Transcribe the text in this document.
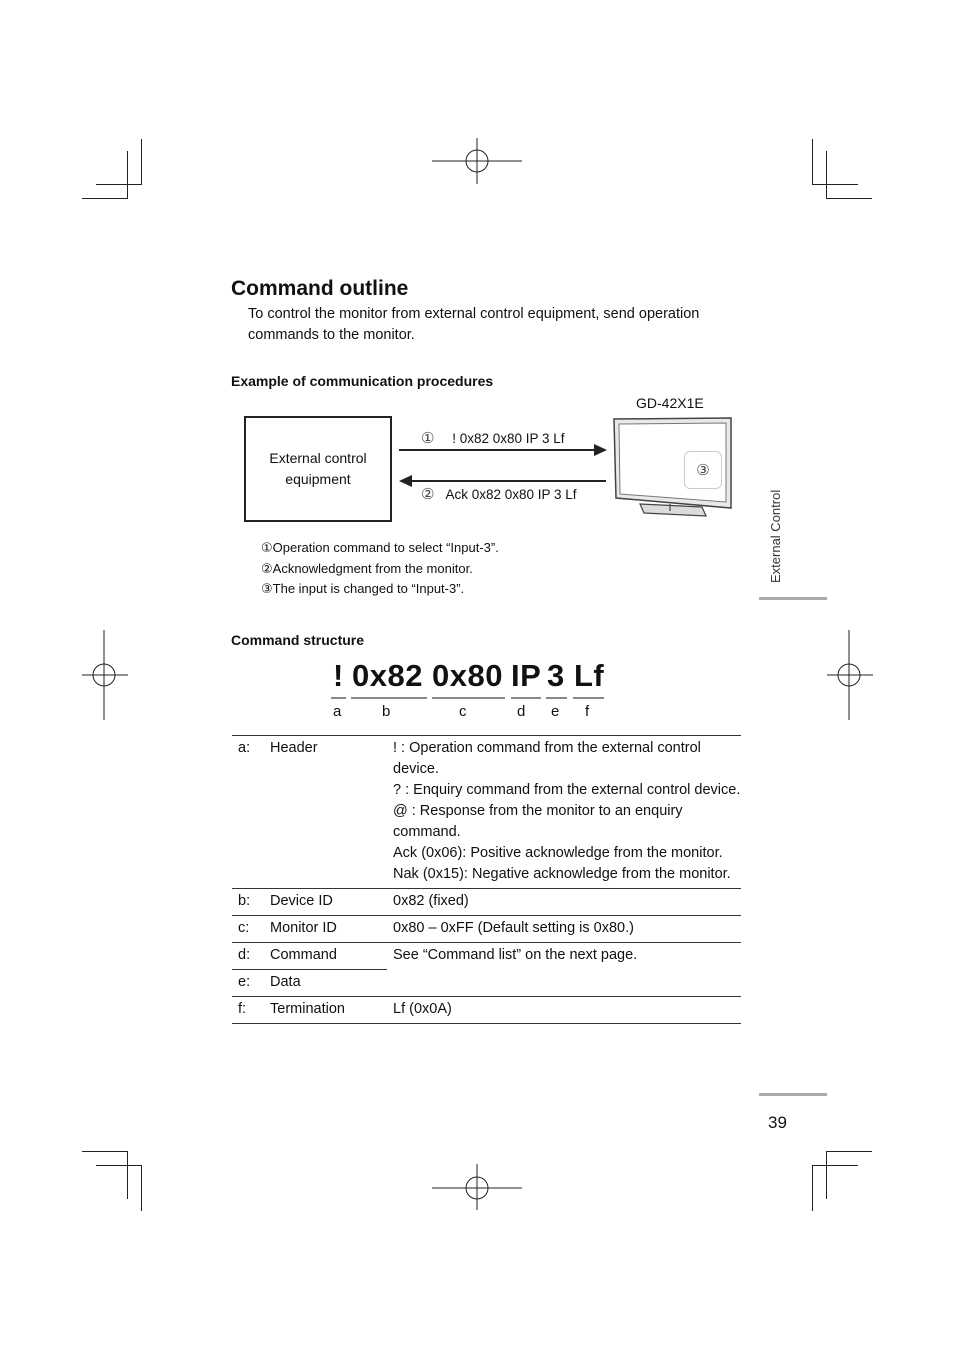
Command outline
To control the monitor from external control equipment, send operation commands to the monitor.
Example of communication procedures
GD-42X1E
External control equipment
① ! 0x82 0x80 IP 3 Lf
② Ack 0x82 0x80 IP 3 Lf
③
①Operation command to select “Input-3”.
②Acknowledgment from the monitor.
③The input is changed to “Input-3”.
Command structure
! 0x82 0x80 IP 3 Lf
a	b	c	d e f
a:	Header	! : Operation command from the external control device.
? : Enquiry command from the external control device.
@ : Response from the monitor to an enquiry command.
Ack (0x06): Positive acknowledge from the monitor.
Nak (0x15): Negative acknowledge from the monitor.

b:	Device ID	0x82 (fixed)
c:	Monitor ID	0x80 – 0xFF (Default setting is 0x80.)
d:	Command	See “Command list” on the next page.
e:	Data	
f:	Termination	Lf (0x0A)
External Control
39
